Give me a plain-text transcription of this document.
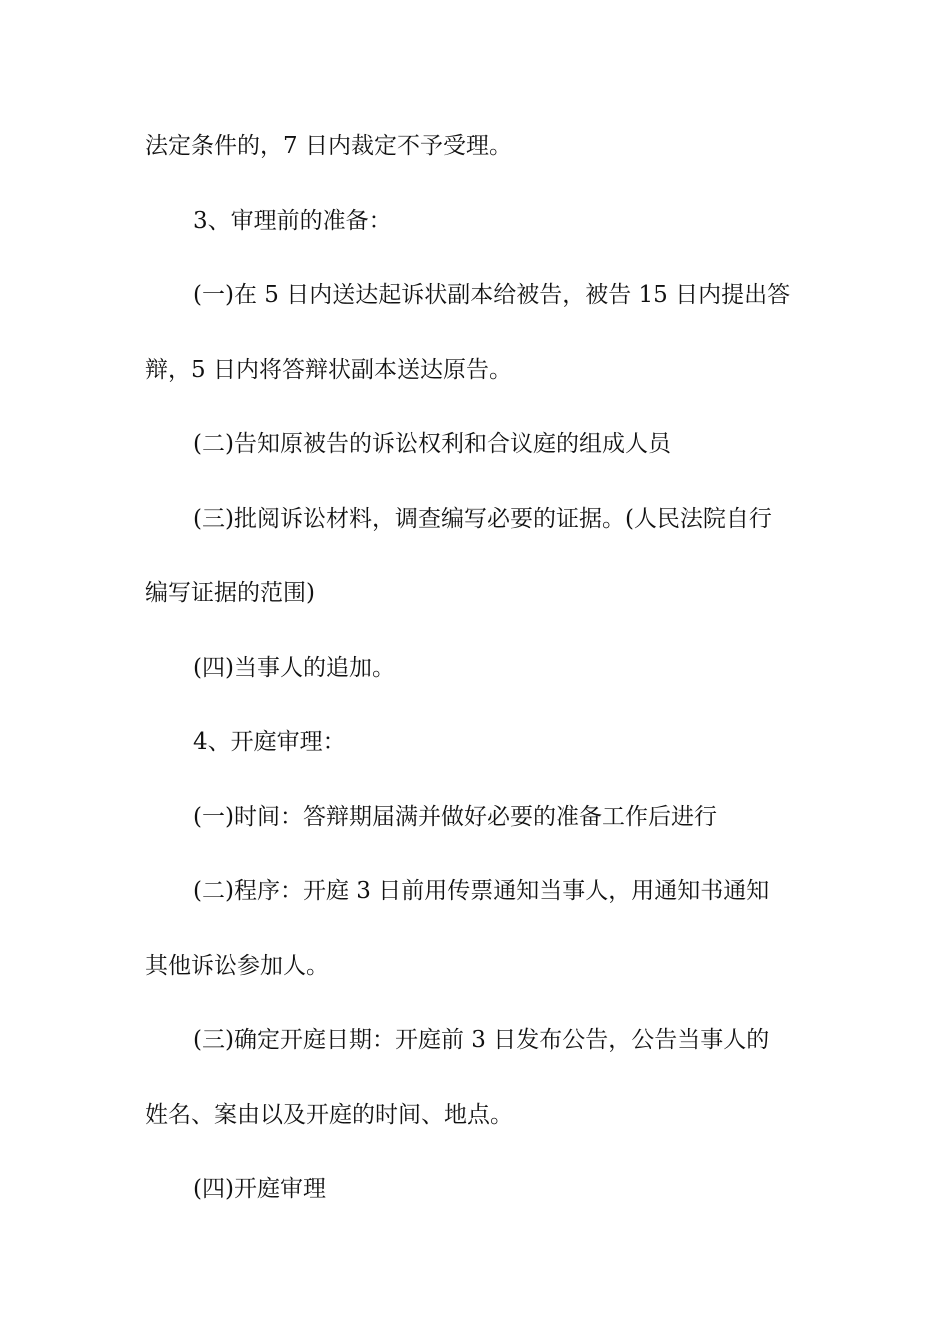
法定条件的，7 日内裁定不予受理。
3、审理前的准备：
(一)在 5 日内送达起诉状副本给被告，被告 15 日内提出答
辩，5 日内将答辩状副本送达原告。
(二)告知原被告的诉讼权利和合议庭的组成人员
(三)批阅诉讼材料，调查编写必要的证据。(人民法院自行
编写证据的范围)
(四)当事人的追加。
4、开庭审理：
(一)时间：答辩期届满并做好必要的准备工作后进行
(二)程序：开庭 3 日前用传票通知当事人，用通知书通知
其他诉讼参加人。
(三)确定开庭日期：开庭前 3 日发布公告，公告当事人的
姓名、案由以及开庭的时间、地点。
(四)开庭审理
